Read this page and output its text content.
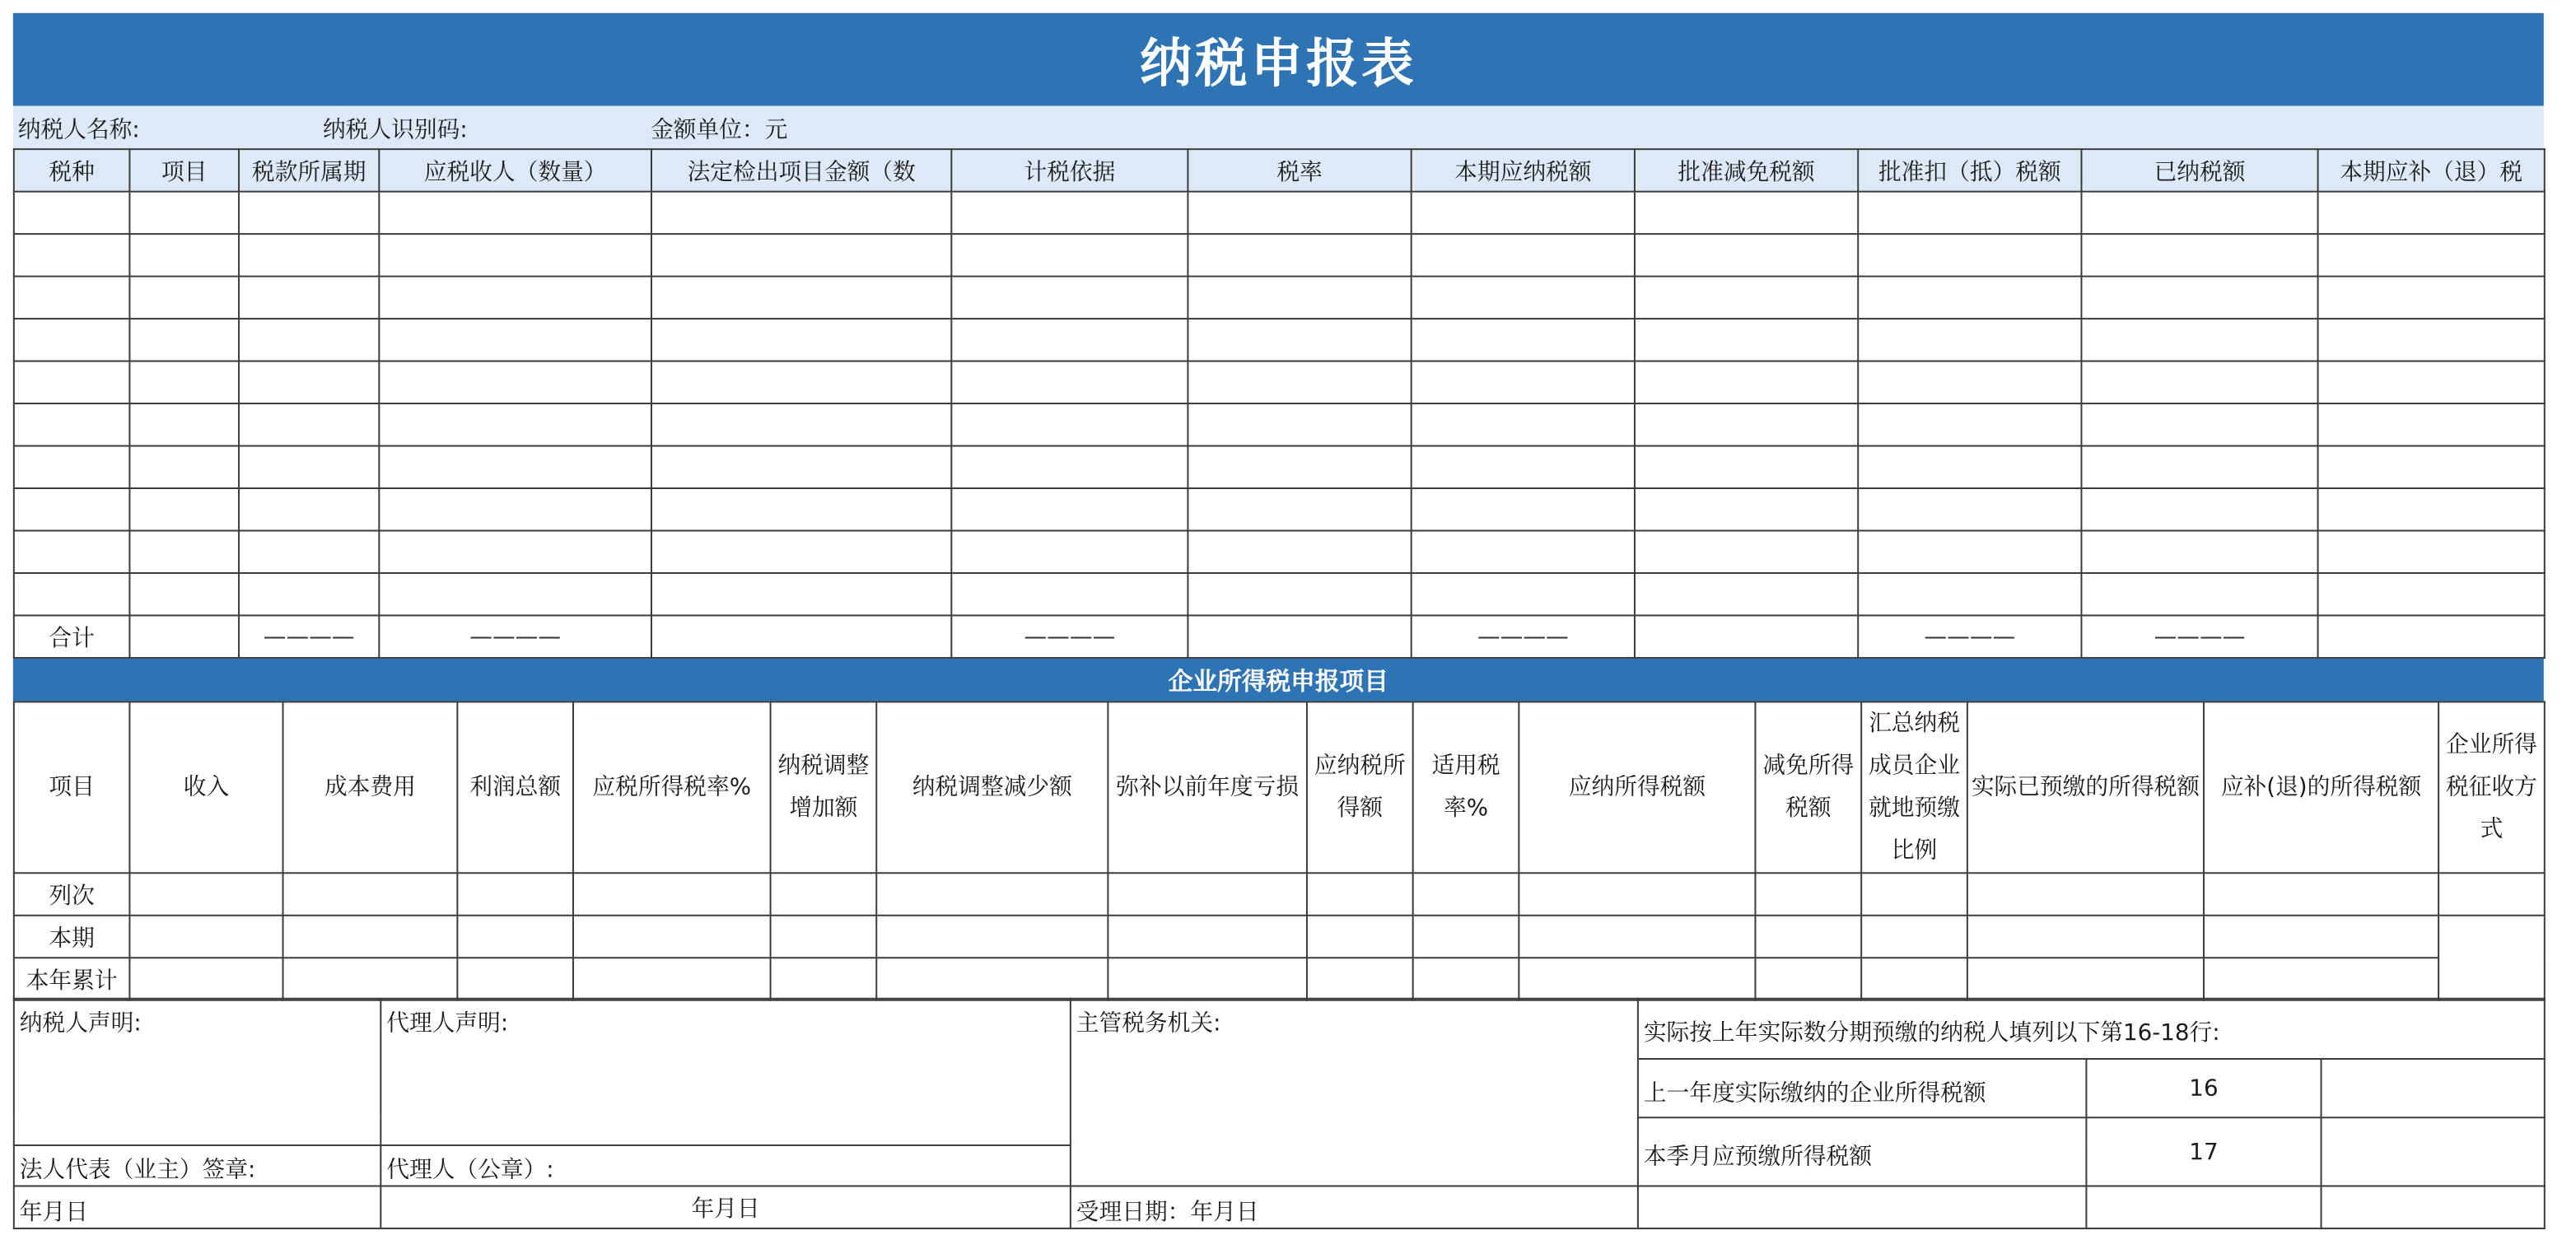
纳税申报表
纳税人名称:	纳税人识别码:	金额单位：元
税种	项目	税款所属期	应税收人（数量）	法定检出项目金额（数	计税依据	税率	本期应纳税额	批准减免税额	批准扣（抵）税额	已纳税额	本期应补（退）税

合计		————	————		————		————		————	————	
企业所得税申报项目
项目	收入	成本费用	利润总额	应税所得税率%	纳税调整增加额	纳税调整减少额	弥补以前年度亏损	应纳税所得额	适用税率%	应纳所得税额	减免所得税额	汇总纳税成员企业就地预缴比例	实际已预缴的所得税额	应补(退)的所得税额	企业所得税征收方式
列次															
本期															
本年累计															
纳税人声明:	代理人声明:	主管税务机关:	实际按上年实际数分期预缴的纳税人填列以下第16-18行:		
			上一年度实际缴纳的企业所得税额	16	
			本季月应预缴所得税额	17	
法人代表（业主）签章:	代理人（公章）:				
年月日	年月日	受理日期：年月日			
